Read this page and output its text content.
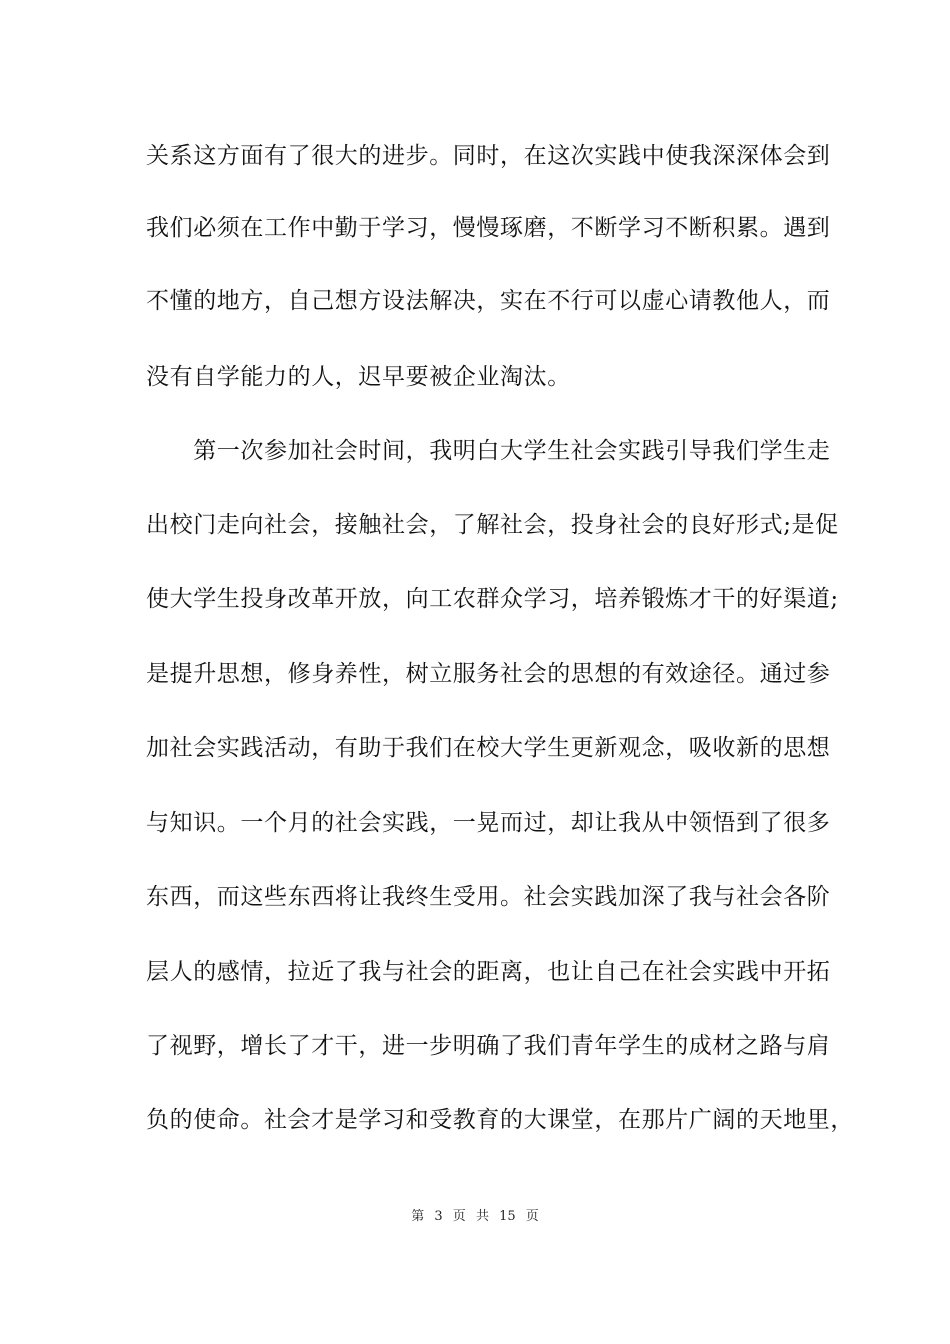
关系这方面有了很大的进步。同时，在这次实践中使我深深体会到
我们必须在工作中勤于学习，慢慢琢磨，不断学习不断积累。遇到
不懂的地方，自己想方设法解决，实在不行可以虚心请教他人，而
没有自学能力的人，迟早要被企业淘汰。
　　第一次参加社会时间，我明白大学生社会实践引导我们学生走
出校门走向社会，接触社会，了解社会，投身社会的良好形式;是促
使大学生投身改革开放，向工农群众学习，培养锻炼才干的好渠道;
是提升思想，修身养性，树立服务社会的思想的有效途径。通过参
加社会实践活动，有助于我们在校大学生更新观念，吸收新的思想
与知识。一个月的社会实践，一晃而过，却让我从中领悟到了很多
东西，而这些东西将让我终生受用。社会实践加深了我与社会各阶
层人的感情，拉近了我与社会的距离，也让自己在社会实践中开拓
了视野，增长了才干，进一步明确了我们青年学生的成材之路与肩
负的使命。社会才是学习和受教育的大课堂，在那片广阔的天地里，
第 3 页 共 15 页
